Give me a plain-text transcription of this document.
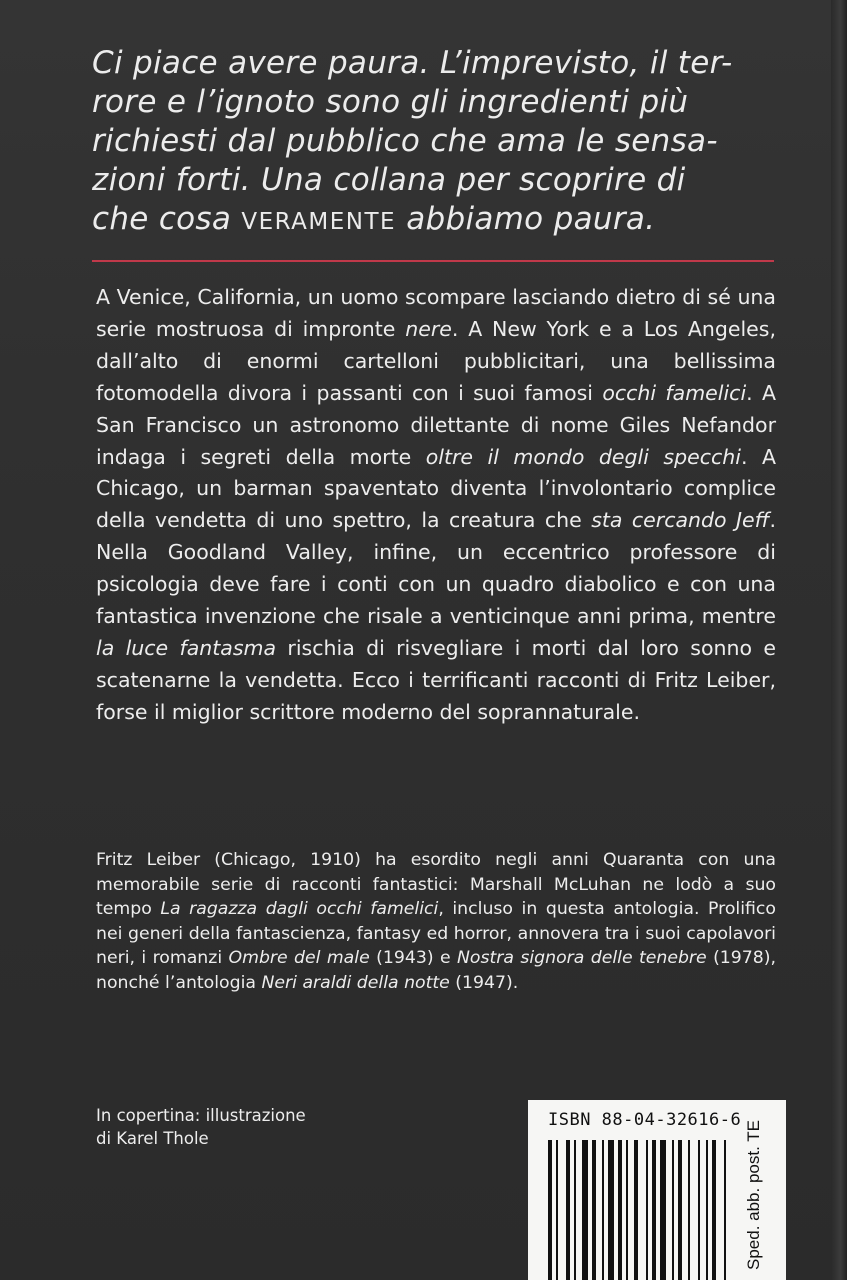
Ci piace avere paura. L’imprevisto, il ter-
rore e l’ignoto sono gli ingredienti più
richiesti dal pubblico che ama le sensa-
zioni forti. Una collana per scoprire di
che cosa VERAMENTE abbiamo paura.

A Venice, California, un uomo scompare lasciando dietro di sé una serie mostruosa di impronte nere. A New York e a Los Angeles, dall’alto di enormi cartelloni pubblicitari, una bellissima fotomodella divora i passanti con i suoi famosi occhi famelici. A San Francisco un astronomo dilettante di nome Giles Nefandor indaga i segreti della morte oltre il mondo degli specchi. A Chicago, un barman spaventato diventa l’involontario complice della vendetta di uno spettro, la creatura che sta cercando Jeff. Nella Goodland Valley, infine, un eccentrico professore di psicologia deve fare i conti con un quadro diabolico e con una fantastica invenzione che risale a venticinque anni prima, mentre la luce fantasma rischia di risvegliare i morti dal loro sonno e scatenarne la vendetta. Ecco i terrificanti racconti di Fritz Leiber, forse il miglior scrittore moderno del soprannaturale.

Fritz Leiber (Chicago, 1910) ha esordito negli anni Quaranta con una memorabile serie di racconti fantastici: Marshall McLuhan ne lodò a suo tempo La ragazza dagli occhi famelici, incluso in questa antologia. Prolifico nei generi della fantascienza, fantasy ed horror, annovera tra i suoi capolavori neri, i romanzi Ombre del male (1943) e Nostra signora delle tenebre (1978), nonché l’antologia Neri araldi della notte (1947).

In copertina: illustrazione
di Karel Thole

ISBN 88-04-32616-6
Sped. abb. post. TE
